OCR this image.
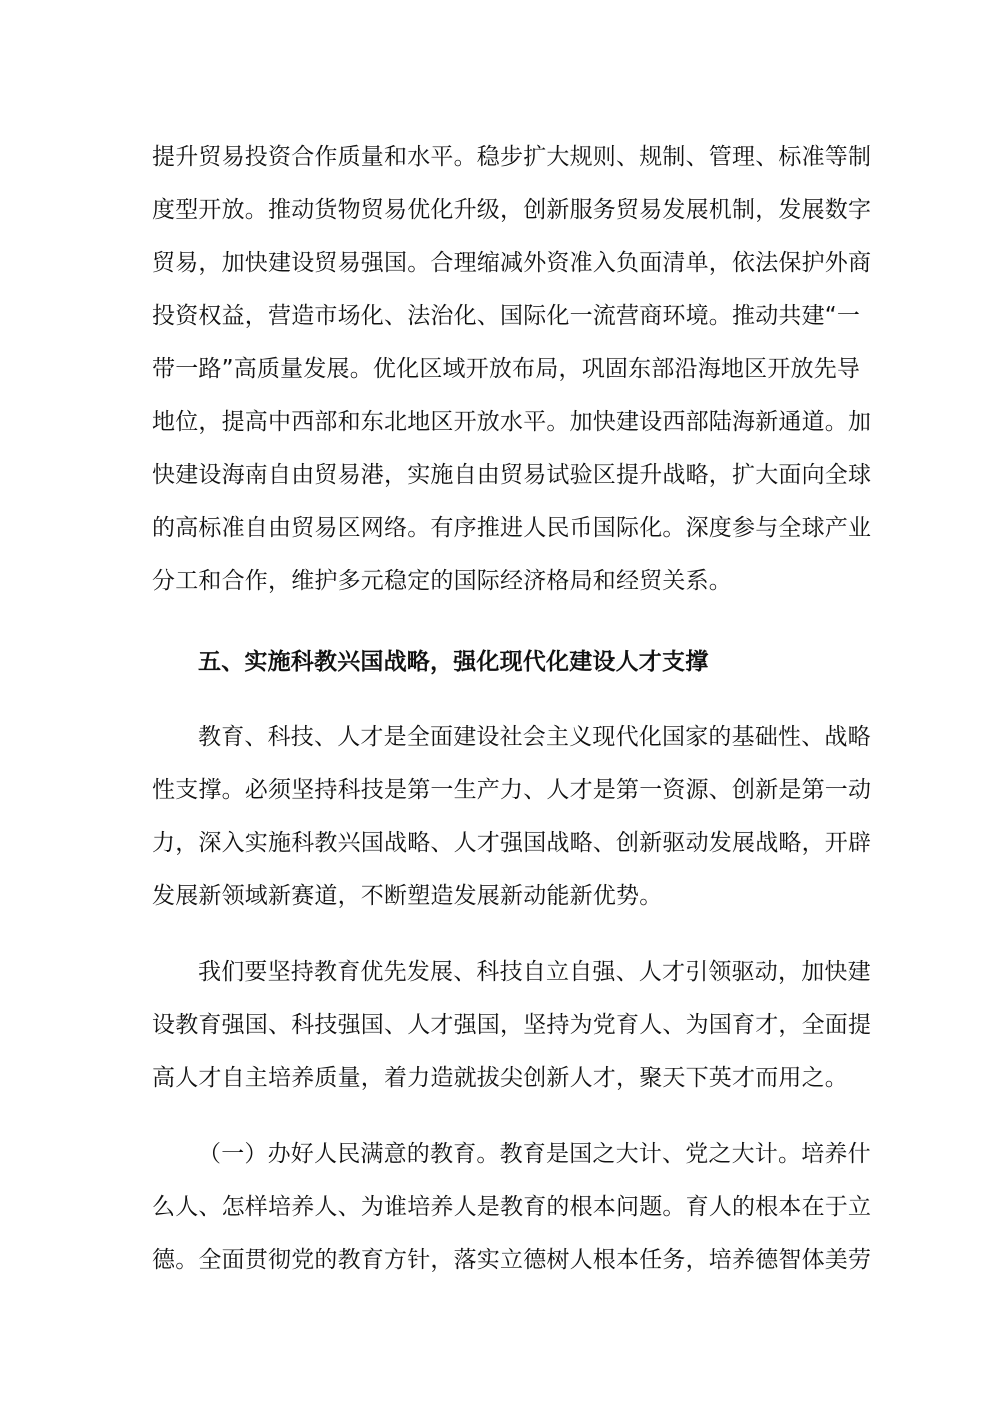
提升贸易投资合作质量和水平。稳步扩大规则、规制、管理、标准等制
度型开放。推动货物贸易优化升级，创新服务贸易发展机制，发展数字
贸易，加快建设贸易强国。合理缩减外资准入负面清单，依法保护外商
投资权益，营造市场化、法治化、国际化一流营商环境。推动共建“一
带一路”高质量发展。优化区域开放布局，巩固东部沿海地区开放先导
地位，提高中西部和东北地区开放水平。加快建设西部陆海新通道。加
快建设海南自由贸易港，实施自由贸易试验区提升战略，扩大面向全球
的高标准自由贸易区网络。有序推进人民币国际化。深度参与全球产业
分工和合作，维护多元稳定的国际经济格局和经贸关系。
五、实施科教兴国战略，强化现代化建设人才支撑
教育、科技、人才是全面建设社会主义现代化国家的基础性、战略
性支撑。必须坚持科技是第一生产力、人才是第一资源、创新是第一动
力，深入实施科教兴国战略、人才强国战略、创新驱动发展战略，开辟
发展新领域新赛道，不断塑造发展新动能新优势。
我们要坚持教育优先发展、科技自立自强、人才引领驱动，加快建
设教育强国、科技强国、人才强国，坚持为党育人、为国育才，全面提
高人才自主培养质量，着力造就拔尖创新人才，聚天下英才而用之。
（一）办好人民满意的教育。教育是国之大计、党之大计。培养什
么人、怎样培养人、为谁培养人是教育的根本问题。育人的根本在于立
德。全面贯彻党的教育方针，落实立德树人根本任务，培养德智体美劳
